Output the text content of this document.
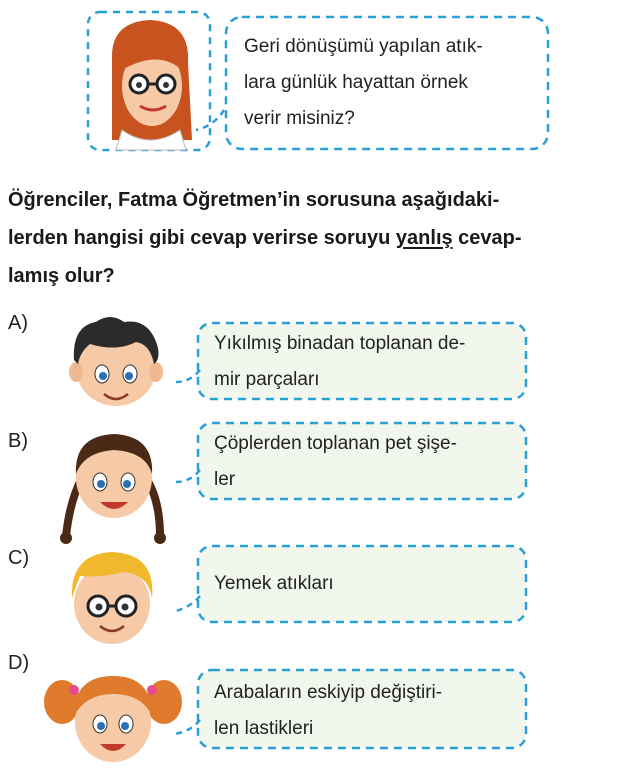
Geri dönüşümü yapılan atık-
lara günlük hayattan örnek
verir misiniz?
Öğrenciler, Fatma Öğretmen’in sorusuna aşağıdaki-
lerden hangisi gibi cevap verirse soruyu yanlış cevap-
lamış olur?
A)
B)
C)
D)
Yıkılmış binadan toplanan de-
mir parçaları
Çöplerden toplanan pet şişe-
ler
Yemek atıkları
Arabaların eskiyip değiştiri-
len lastikleri
